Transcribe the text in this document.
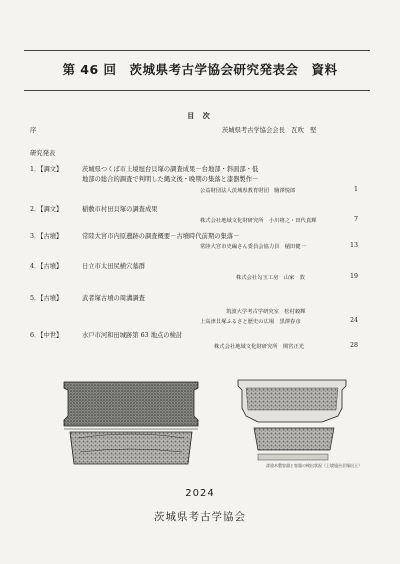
第 46 回　茨城県考古学協会研究発表会　資料
目 次
序	茨城県考古学協会会長　瓦吹　堅
研究発表
1．【調文】	茨城県つくば市上境旭台貝塚の調査成果－台地部・斜面部・低
地部の総合的調査で判明した縄文後・晩期の集落と漆器製作－
公益財団法人茨城県教育財団　駒澤悦郎	1
2．【調文】	稲敷市村田貝塚の調査成果
株式会社地域文化財研究所　小川将之・田代真輝	7
3．【古墳】	常陸大宮市内原遺跡の調査概要－古墳時代前期の集落－
常陸大宮市史編さん委員会協力員　稲田健一	13
4．【古墳】	日立市太田尻横穴墓群
株式会社勾玉工房　山家　敦	19
5．【古墳】	武者塚古墳の周溝調査
筑波大学考古学研究室　松村穀輝
上高津貝塚ふるさと歴史の広場　黒澤春彦	24
6．【中世】	水戸市河和田城跡第 63 地点の検討
株式会社地域文化財研究所　関宮正光	28
漆塗木製容器と容器の検出状況（上境旭台貝塚出土）
2024
茨城県考古学協会
